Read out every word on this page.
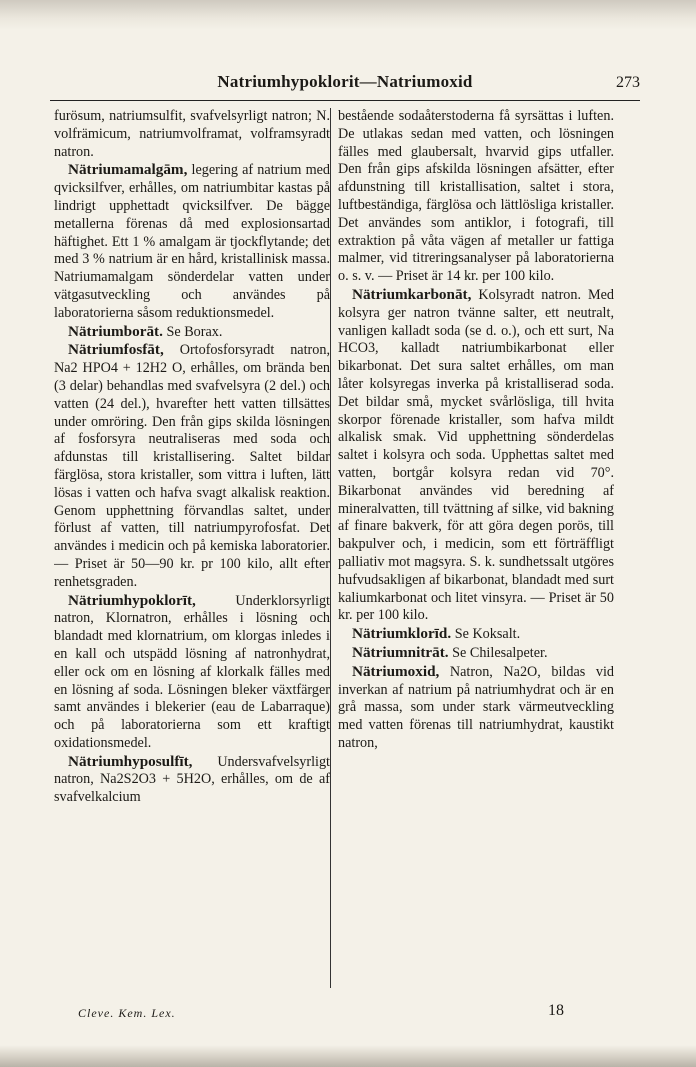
Natriumhypoklorit—Natriumoxid	273

furösum, natriumsulfit, svafvelsyrligt natron; N. volfrämicum, natriumvolframat, volframsyradt natron.

Nätriumamalgām, legering af natrium med qvicksilfver, erhålles, om natriumbitar kastas på lindrigt upphettadt qvicksilfver. De bägge metallerna förenas då med explosionsartad häftighet. Ett 1 % amalgam är tjockflytande; det med 3 % natrium är en hård, kristallinisk massa. Natriumamalgam sönderdelar vatten under vätgasutveckling och användes på laboratorierna såsom reduktionsmedel.

Nätriumborāt. Se Borax.

Nätriumfosfāt, Ortofosforsyradt natron, Na2 HPO4 + 12H2 O, erhålles, om brända ben (3 delar) behandlas med svafvelsyra (2 del.) och vatten (24 del.), hvarefter hett vatten tillsättes under omröring. Den från gips skilda lösningen af fosforsyra neutraliseras med soda och afdunstas till kristallisering. Saltet bildar färglösa, stora kristaller, som vittra i luften, lätt lösas i vatten och hafva svagt alkalisk reaktion. Genom upphettning förvandlas saltet, under förlust af vatten, till natriumpyrofosfat. Det användes i medicin och på kemiska laboratorier. — Priset är 50—90 kr. pr 100 kilo, allt efter renhetsgraden.

Nätriumhypoklorīt, Underklorsyrligt natron, Klornatron, erhålles i lösning och blandadt med klornatrium, om klorgas inledes i en kall och utspädd lösning af natronhydrat, eller ock om en lösning af klorkalk fälles med en lösning af soda. Lösningen bleker växtfärger samt användes i blekerier (eau de Labarraque) och på laboratorierna som ett kraftigt oxidationsmedel.

Nätriumhyposulfīt, Undersvafvelsyrligt natron, Na2S2O3 + 5H2O, erhålles, om de af svafvelkalcium

bestående sodaåterstoderna få syrsättas i luften. De utlakas sedan med vatten, och lösningen fälles med glaubersalt, hvarvid gips utfaller. Den från gips afskilda lösningen afsätter, efter afdunstning till kristallisation, saltet i stora, luftbeständiga, färglösa och lättlösliga kristaller. Det användes som antiklor, i fotografi, till extraktion på våta vägen af metaller ur fattiga malmer, vid titreringsanalyser på laboratorierna o. s. v. — Priset är 14 kr. per 100 kilo.

Nätriumkarbonāt, Kolsyradt natron. Med kolsyra ger natron tvänne salter, ett neutralt, vanligen kalladt soda (se d. o.), och ett surt, Na HCO3, kalladt natriumbikarbonat eller bikarbonat. Det sura saltet erhålles, om man låter kolsyregas inverka på kristalliserad soda. Det bildar små, mycket svårlösliga, till hvita skorpor förenade kristaller, som hafva mildt alkalisk smak. Vid upphettning sönderdelas saltet i kolsyra och soda. Upphettas saltet med vatten, bortgår kolsyra redan vid 70°. Bikarbonat användes vid beredning af mineralvatten, till tvättning af silke, vid bakning af finare bakverk, för att göra degen porös, till bakpulver och, i medicin, som ett förträffligt palliativ mot magsyra. S. k. sundhetssalt utgöres hufvudsakligen af bikarbonat, blandadt med surt kaliumkarbonat och litet vinsyra. — Priset är 50 kr. per 100 kilo.

Nätriumklorīd. Se Koksalt.

Nätriumnitrāt. Se Chilesalpeter.

Nätriumoxid, Natron, Na2O, bildas vid inverkan af natrium på natriumhydrat och är en grå massa, som under stark värmeutveckling med vatten förenas till natriumhydrat, kaustikt natron,

Cleve. Kem. Lex.	18
